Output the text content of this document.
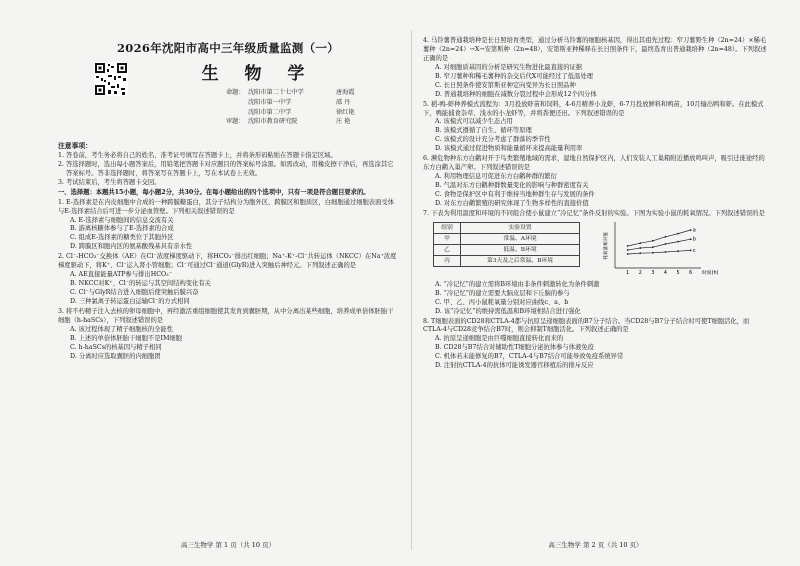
2026年沈阳市高中三年级质量监测（一）

生 物 学

命题： 沈阳市第二十七中学	唐海霞
沈阳市第一中学	邵 丹
沈阳市第二中学	徐红艳
审题： 沈阳市教育研究院	庄 艳

注意事项：

1. 答卷前，考生务必将自己的姓名、准考证号填写在答题卡上，并将条形码粘贴在答题卡指定区域。

2. 答选择题时，选出每小题答案后，用铅笔把答题卡对应题目的答案标号涂黑。如需改动，用橡皮擦干净后，再选涂其它答案标号。答非选择题时，将答案写在答题卡上，写在本试卷上无效。

3. 考试结束后，考生将答题卡交回。

一、选择题：本题共15小题，每小题2分，共30分。在每小题给出的四个选项中，只有一项是符合题目要求的。

1. E-选择素是在内皮细胞中合成的一种跨膜糖蛋白，其分子结构分为胞外区、跨膜区和胞质区，白细胞通过细胞表面受体与E-选择素结合后可进一步分泌血管壁。下列相关叙述错误的是

A. E-选择素与细胞间的信息交流有关

B. 游离核糖体参与了E-选择素的合成

C. 组成E-选择素的糖类位于其胞外区

D. 跨膜区和胞内区的氨基酸残基具有亲水性

2. Cl⁻-HCO₃⁻交换体（AE）在Cl⁻浓度梯度驱动下，将HCO₃⁻排出红细胞；Na⁺-K⁺-Cl⁻共转运体（NKCC）在Na⁺浓度梯度驱动下，将K⁺、Cl⁻运入肾小管细胞；Cl⁻可通过Cl⁻通道(GlyR)进入突触后神经元。下列叙述正确的是

A. AE直接能量ATP参与排出HCO₃⁻

B. NKCC对K⁺、Cl⁻的转运与其空间结构变化有关

C. Cl⁻与GlyR结合进入细胞后使突触后膜兴奋

D. 三种氯离子转运蛋白运输Cl⁻的方式相同

3. 将不朽精子注入去核的卵母细胞中，再经激活重组细胞使其发育到囊胚期，从中分离出某些细胞，培养成单倍体胚胎干细胞（h-haSCs），下列叙述错误的是

A. 该过程体现了精子细胞核的全能性

B. 上述的单倍体胚胎干细胞不是IM细胞

C. h-haSCs的核基因与精子相同

D. 分离时应选取囊胚的内细胞团

高三生物学 第 1 页（共 10 页）

4. 马铃薯普通栽培种是长日照培育类型，通过分析马铃薯的细胞核基因，得出其祖先过程：窄刀薯野生种（2n=24）×稀毛薯种（2n=24）→X→安第斯种（2n=48），安第斯亚种稀释在长日照条件下，最终选育出普通栽培种（2n=48）。下列叙述正确的是

A. 对细胞质基因的分析是研究生物进化最直接的证据

B. 窄刀薯种和稀毛薯种的杂交后代X可能经过了低温处理

C. 长日照条件使安第斯亚种定向变异为长日照品种

D. 普通栽培种的细胞在减数分裂过程中会形成12个四分体

5. 稻-鸭-虾种养模式流程为：3月投放虾苗和饲料，4-6月精养小龙虾，6-7月投放鲜料和鸭苗，10月输出鸭和虾。在此模式下，鸭能捕食杂草、浅水的小龙虾等，并将粪便还田。下列叙述错误的是

A. 该模式可以减少生态占用

B. 该模式遵循了自生、循环等原理

C. 该模式的设计充分考虑了群落的季节性

D. 该模式通过促进物质和能量循环来提高能量利用率

6. 濒危物种东方白鹳对开于鸟类繁殖地域的需求，湿地自然保护区内，人们安装人工巢箱附近播放鸣叫声，吸引迁徙途经的东方白鹳入巢产卵。下列叙述错误的是

A. 利用物理信息可促进东方白鹳种群的繁衍

B. 气温对东方白鹳种群数量变化的影响与种群密度有关

C. 食物是保护区中有利于维持当地种群生存与发展的条件

D. 对东方白鹳繁殖的研究体现了生物多样性的直接价值

7. 下表为利用温度和环境的不同组合使小鼠建立“冷记忆”条件反射的实验。下图为实验小鼠的耗氧情况。下列叙述错误的是

组别	实验设置
甲	常温、A环境
乙	低温、B环境
丙	第3天及之后常温、B环境
耗氧量相对值
1 2 3 4 5 6 时间(h)
a
b
c

A. “冷记忆”的建立需将B环境由非条件刺激转化为条件刺激

B. “冷记忆”的建立需要大脑皮层和下丘脑的参与

C. 甲、乙、丙小鼠耗氧量分别对应曲线c、a、b

D. 该“冷记忆”的维持需低温和B环境相结合进行强化

8. T细胞表面的CD28和CTLA-4都与抗原呈递细胞表面的B7分子结合。当CD28与B7分子结合时可使T细胞活化，而CTLA-4与CD28竞争结合B7时，则会抑制T细胞活化。下列叙述正确的是

A. 抗原呈递细胞是由巨噬细胞直接转化而来的

B. CD28与B7结合对辅助性T细胞分泌抗体参与体液免疫

C. 机体若未能修复的B7，CTLA-4与B7结合可能导致免疫系统异常

D. 注射抗CTLA-4的抗体可能诱发器官移植后的排斥反应

高三生物学 第 2 页（共 10 页）
